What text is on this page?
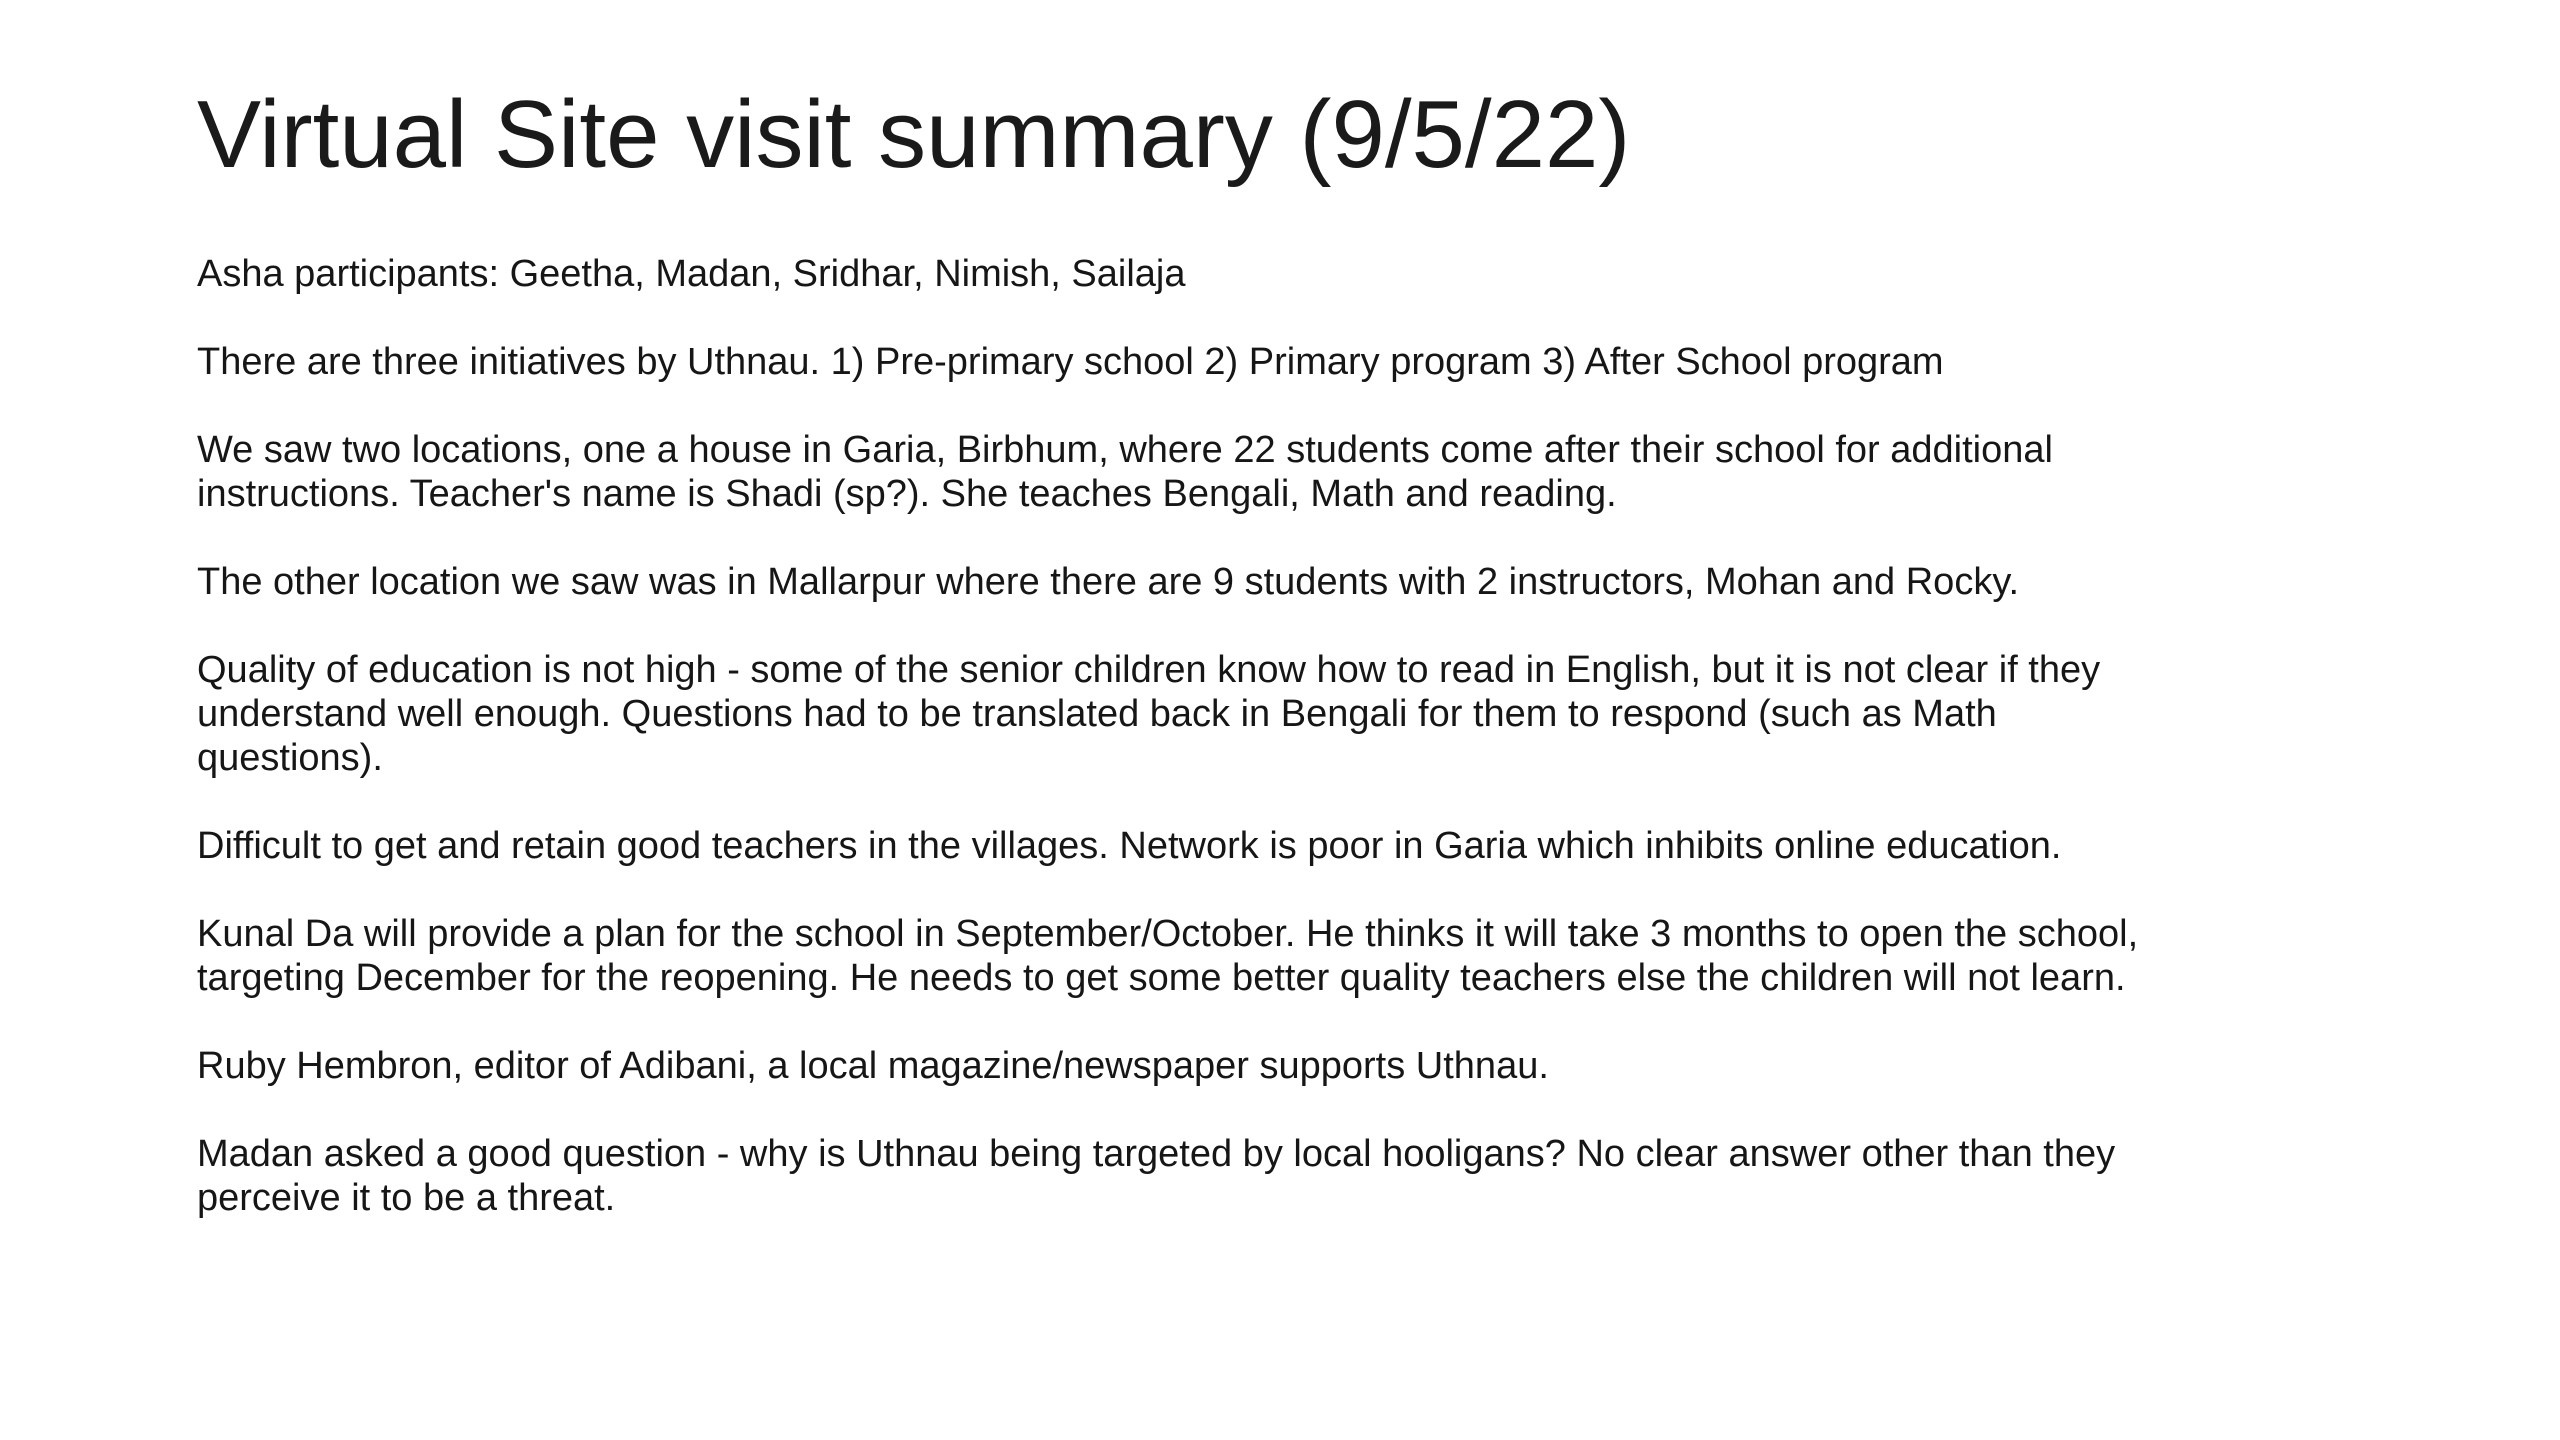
Virtual Site visit summary (9/5/22)

Asha participants: Geetha, Madan, Sridhar, Nimish, Sailaja

There are three initiatives by Uthnau. 1) Pre-primary school 2) Primary program 3) After School program

We saw two locations, one a house in Garia, Birbhum, where 22 students come after their school for additional
instructions. Teacher's name is Shadi (sp?). She teaches Bengali, Math and reading.

The other location we saw was in Mallarpur where there are 9 students with 2 instructors, Mohan and Rocky.

Quality of education is not high - some of the senior children know how to read in English, but it is not clear if they
understand well enough. Questions had to be translated back in Bengali for them to respond (such as Math
questions).

Difficult to get and retain good teachers in the villages. Network is poor in Garia which inhibits online education.

Kunal Da will provide a plan for the school in September/October. He thinks it will take 3 months to open the school,
targeting December for the reopening. He needs to get some better quality teachers else the children will not learn.

Ruby Hembron, editor of Adibani, a local magazine/newspaper supports Uthnau.

Madan asked a good question - why is Uthnau being targeted by local hooligans? No clear answer other than they
perceive it to be a threat.
